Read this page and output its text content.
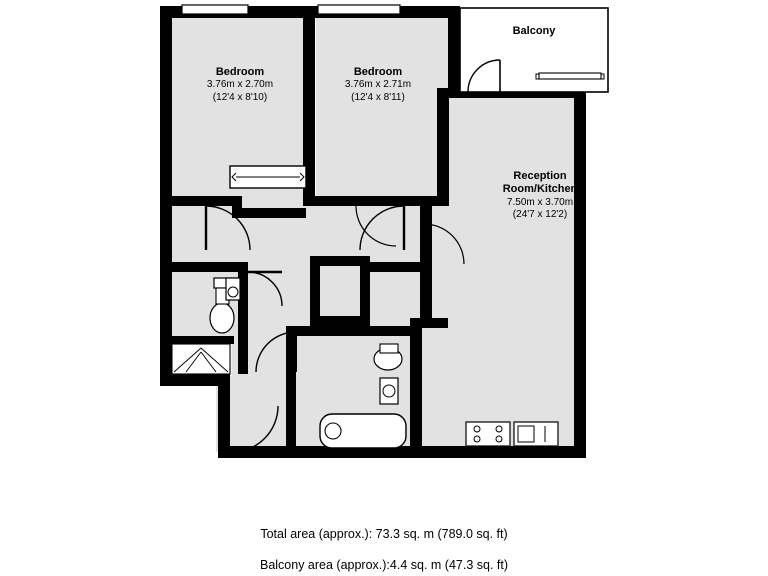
Bedroom
3.76m x 2.70m
(12'4 x 8'10)
Bedroom
3.76m x 2.71m
(12'4 x 8'11)
Balcony
Reception
Room/Kitchen
7.50m x 3.70m
(24'7 x 12'2)
Total area (approx.): 73.3 sq. m (789.0 sq. ft)
Balcony area (approx.):4.4 sq. m (47.3 sq. ft)
